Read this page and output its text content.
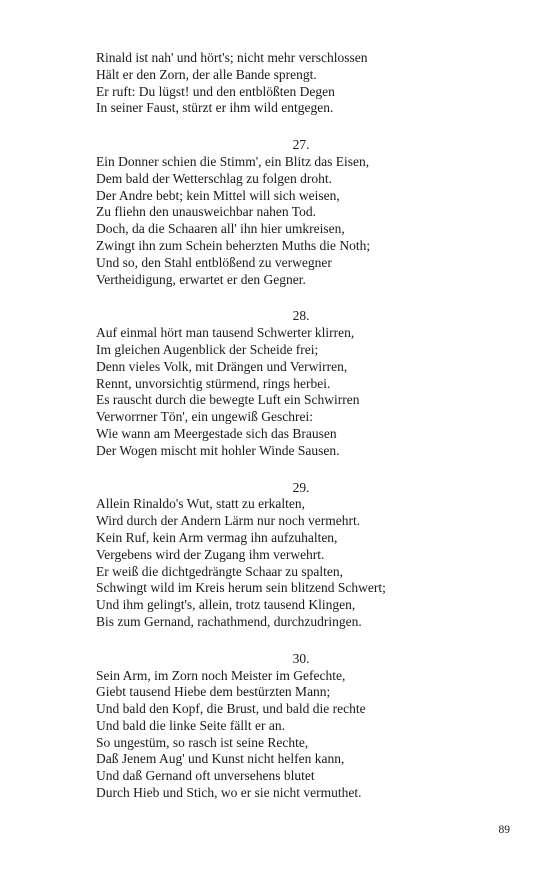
Rinald ist nah' und hört's; nicht mehr verschlossen
Hält er den Zorn, der alle Bande sprengt.
Er ruft: Du lügst! und den entblößten Degen
In seiner Faust, stürzt er ihm wild entgegen.
27.
Ein Donner schien die Stimm', ein Blitz das Eisen,
Dem bald der Wetterschlag zu folgen droht.
Der Andre bebt; kein Mittel will sich weisen,
Zu fliehn den unausweichbar nahen Tod.
Doch, da die Schaaren all' ihn hier umkreisen,
Zwingt ihn zum Schein beherzten Muths die Noth;
Und so, den Stahl entblößend zu verwegner
Vertheidigung, erwartet er den Gegner.
28.
Auf einmal hört man tausend Schwerter klirren,
Im gleichen Augenblick der Scheide frei;
Denn vieles Volk, mit Drängen und Verwirren,
Rennt, unvorsichtig stürmend, rings herbei.
Es rauscht durch die bewegte Luft ein Schwirren
Verworrner Tön', ein ungewiß Geschrei:
Wie wann am Meergestade sich das Brausen
Der Wogen mischt mit hohler Winde Sausen.
29.
Allein Rinaldo's Wut, statt zu erkalten,
Wird durch der Andern Lärm nur noch vermehrt.
Kein Ruf, kein Arm vermag ihn aufzuhalten,
Vergebens wird der Zugang ihm verwehrt.
Er weiß die dichtgedrängte Schaar zu spalten,
Schwingt wild im Kreis herum sein blitzend Schwert;
Und ihm gelingt's, allein, trotz tausend Klingen,
Bis zum Gernand, rachathmend, durchzudringen.
30.
Sein Arm, im Zorn noch Meister im Gefechte,
Giebt tausend Hiebe dem bestürzten Mann;
Und bald den Kopf, die Brust, und bald die rechte
Und bald die linke Seite fällt er an.
So ungestüm, so rasch ist seine Rechte,
Daß Jenem Aug' und Kunst nicht helfen kann,
Und daß Gernand oft unversehens blutet
Durch Hieb und Stich, wo er sie nicht vermuthet.
89
